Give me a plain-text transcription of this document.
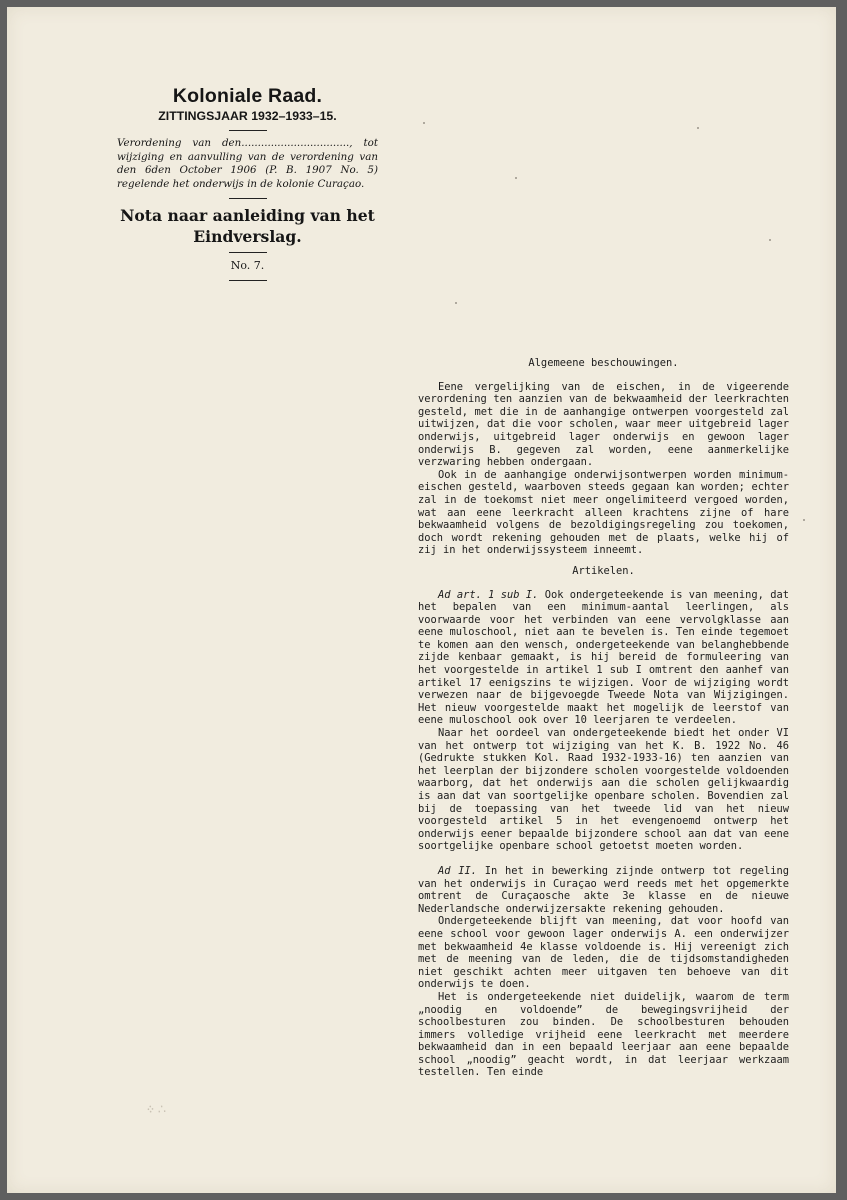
Koloniale Raad.
ZITTINGSJAAR 1932–1933–15.
Verordening van den................................., tot wijziging en aanvulling van de verordening van den 6den October 1906 (P. B. 1907 No. 5) regelende het onderwijs in de kolonie Curaçao.
Nota naar aanleiding van het Eindverslag.
No. 7.
Algemeene beschouwingen.

Eene vergelijking van de eischen, in de vigeerende verordening ten aanzien van de bekwaamheid der leerkrachten gesteld, met die in de aanhangige ontwerpen voorgesteld zal uitwijzen, dat die voor scholen, waar meer uitgebreid lager onderwijs, uitgebreid lager onderwijs en gewoon lager onderwijs B. gegeven zal worden, eene aanmerkelijke verzwaring hebben ondergaan.

Ook in de aanhangige onderwijsontwerpen worden minimum-eischen gesteld, waarboven steeds gegaan kan worden; echter zal in de toekomst niet meer ongelimiteerd vergoed worden, wat aan eene leerkracht alleen krachtens zijne of hare bekwaamheid volgens de bezoldigingsregeling zou toekomen, doch wordt rekening gehouden met de plaats, welke hij of zij in het onderwijssysteem inneemt.

Artikelen.

Ad art. 1 sub I. Ook ondergeteekende is van meening, dat het bepalen van een minimum-aantal leerlingen, als voorwaarde voor het verbinden van eene vervolgklasse aan eene muloschool, niet aan te bevelen is. Ten einde tegemoet te komen aan den wensch, ondergeteekende van belanghebbende zijde kenbaar gemaakt, is hij bereid de formuleering van het voorgestelde in artikel 1 sub I omtrent den aanhef van artikel 17 eenigszins te wijzigen. Voor de wijziging wordt verwezen naar de bijgevoegde Tweede Nota van Wijzigingen. Het nieuw voorgestelde maakt het mogelijk de leerstof van eene muloschool ook over 10 leerjaren te verdeelen.

Naar het oordeel van ondergeteekende biedt het onder VI van het ontwerp tot wijziging van het K. B. 1922 No. 46 (Gedrukte stukken Kol. Raad 1932-1933-16) ten aanzien van het leerplan der bijzondere scholen voorgestelde voldoenden waarborg, dat het onderwijs aan die scholen gelijkwaardig is aan dat van soortgelijke openbare scholen. Bovendien zal bij de toepassing van het tweede lid van het nieuw voorgesteld artikel 5 in het evengenoemd ontwerp het onderwijs eener bepaalde bijzondere school aan dat van eene soortgelijke openbare school getoetst moeten worden.

Ad II. In het in bewerking zijnde ontwerp tot regeling van het onderwijs in Curaçao werd reeds met het opgemerkte omtrent de Curaçaosche akte 3e klasse en de nieuwe Nederlandsche onderwijzersakte rekening gehouden.

Ondergeteekende blijft van meening, dat voor hoofd van eene school voor gewoon lager onderwijs A. een onderwijzer met bekwaamheid 4e klasse voldoende is. Hij vereenigt zich met de meening van de leden, die de tijdsomstandigheden niet geschikt achten meer uitgaven ten behoeve van dit onderwijs te doen.

Het is ondergeteekende niet duidelijk, waarom de term „noodig en voldoende” de bewegingsvrijheid der schoolbesturen zou binden. De schoolbesturen behouden immers volledige vrijheid eene leerkracht met meerdere bekwaamheid dan in een bepaald leerjaar aan eene bepaalde school „noodig” geacht wordt, in dat leerjaar werkzaam testellen. Ten einde

᠅ ∴
